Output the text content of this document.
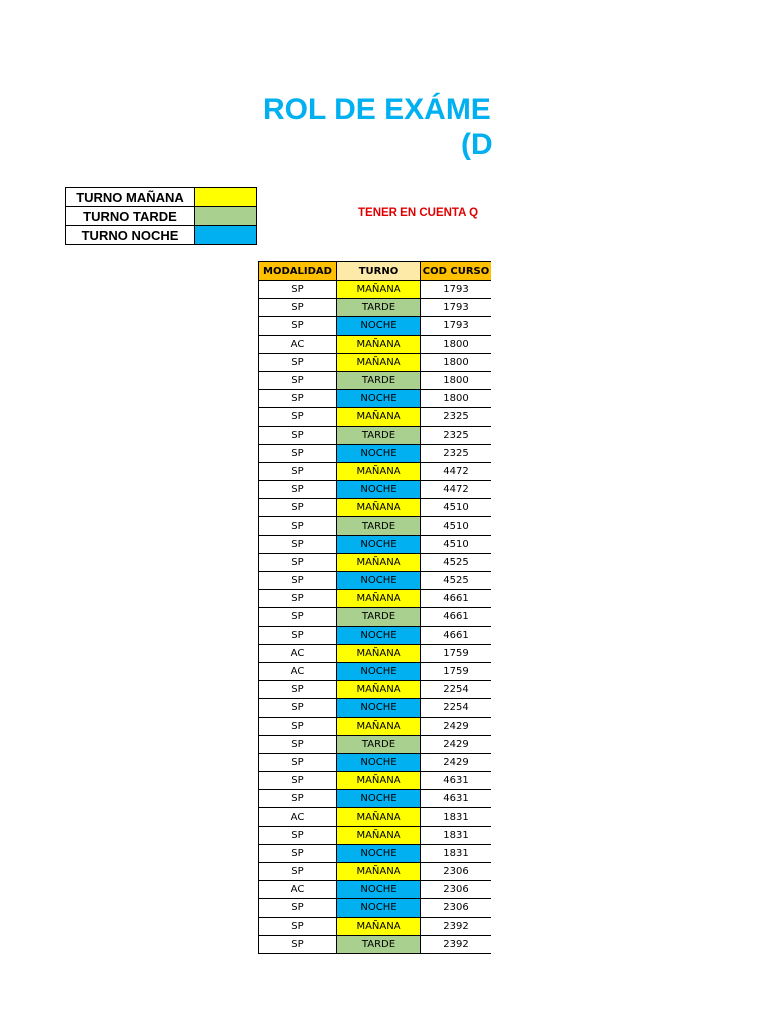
ROL DE EXÁME
(D
TURNO MAÑANA	
TURNO TARDE	
TURNO NOCHE	
TENER EN CUENTA Q
MODALIDAD	TURNO	COD CURSO
SP	MAÑANA	1793
SP	TARDE	1793
SP	NOCHE	1793
AC	MAÑANA	1800
SP	MAÑANA	1800
SP	TARDE	1800
SP	NOCHE	1800
SP	MAÑANA	2325
SP	TARDE	2325
SP	NOCHE	2325
SP	MAÑANA	4472
SP	NOCHE	4472
SP	MAÑANA	4510
SP	TARDE	4510
SP	NOCHE	4510
SP	MAÑANA	4525
SP	NOCHE	4525
SP	MAÑANA	4661
SP	TARDE	4661
SP	NOCHE	4661
AC	MAÑANA	1759
AC	NOCHE	1759
SP	MAÑANA	2254
SP	NOCHE	2254
SP	MAÑANA	2429
SP	TARDE	2429
SP	NOCHE	2429
SP	MAÑANA	4631
SP	NOCHE	4631
AC	MAÑANA	1831
SP	MAÑANA	1831
SP	NOCHE	1831
SP	MAÑANA	2306
AC	NOCHE	2306
SP	NOCHE	2306
SP	MAÑANA	2392
SP	TARDE	2392
